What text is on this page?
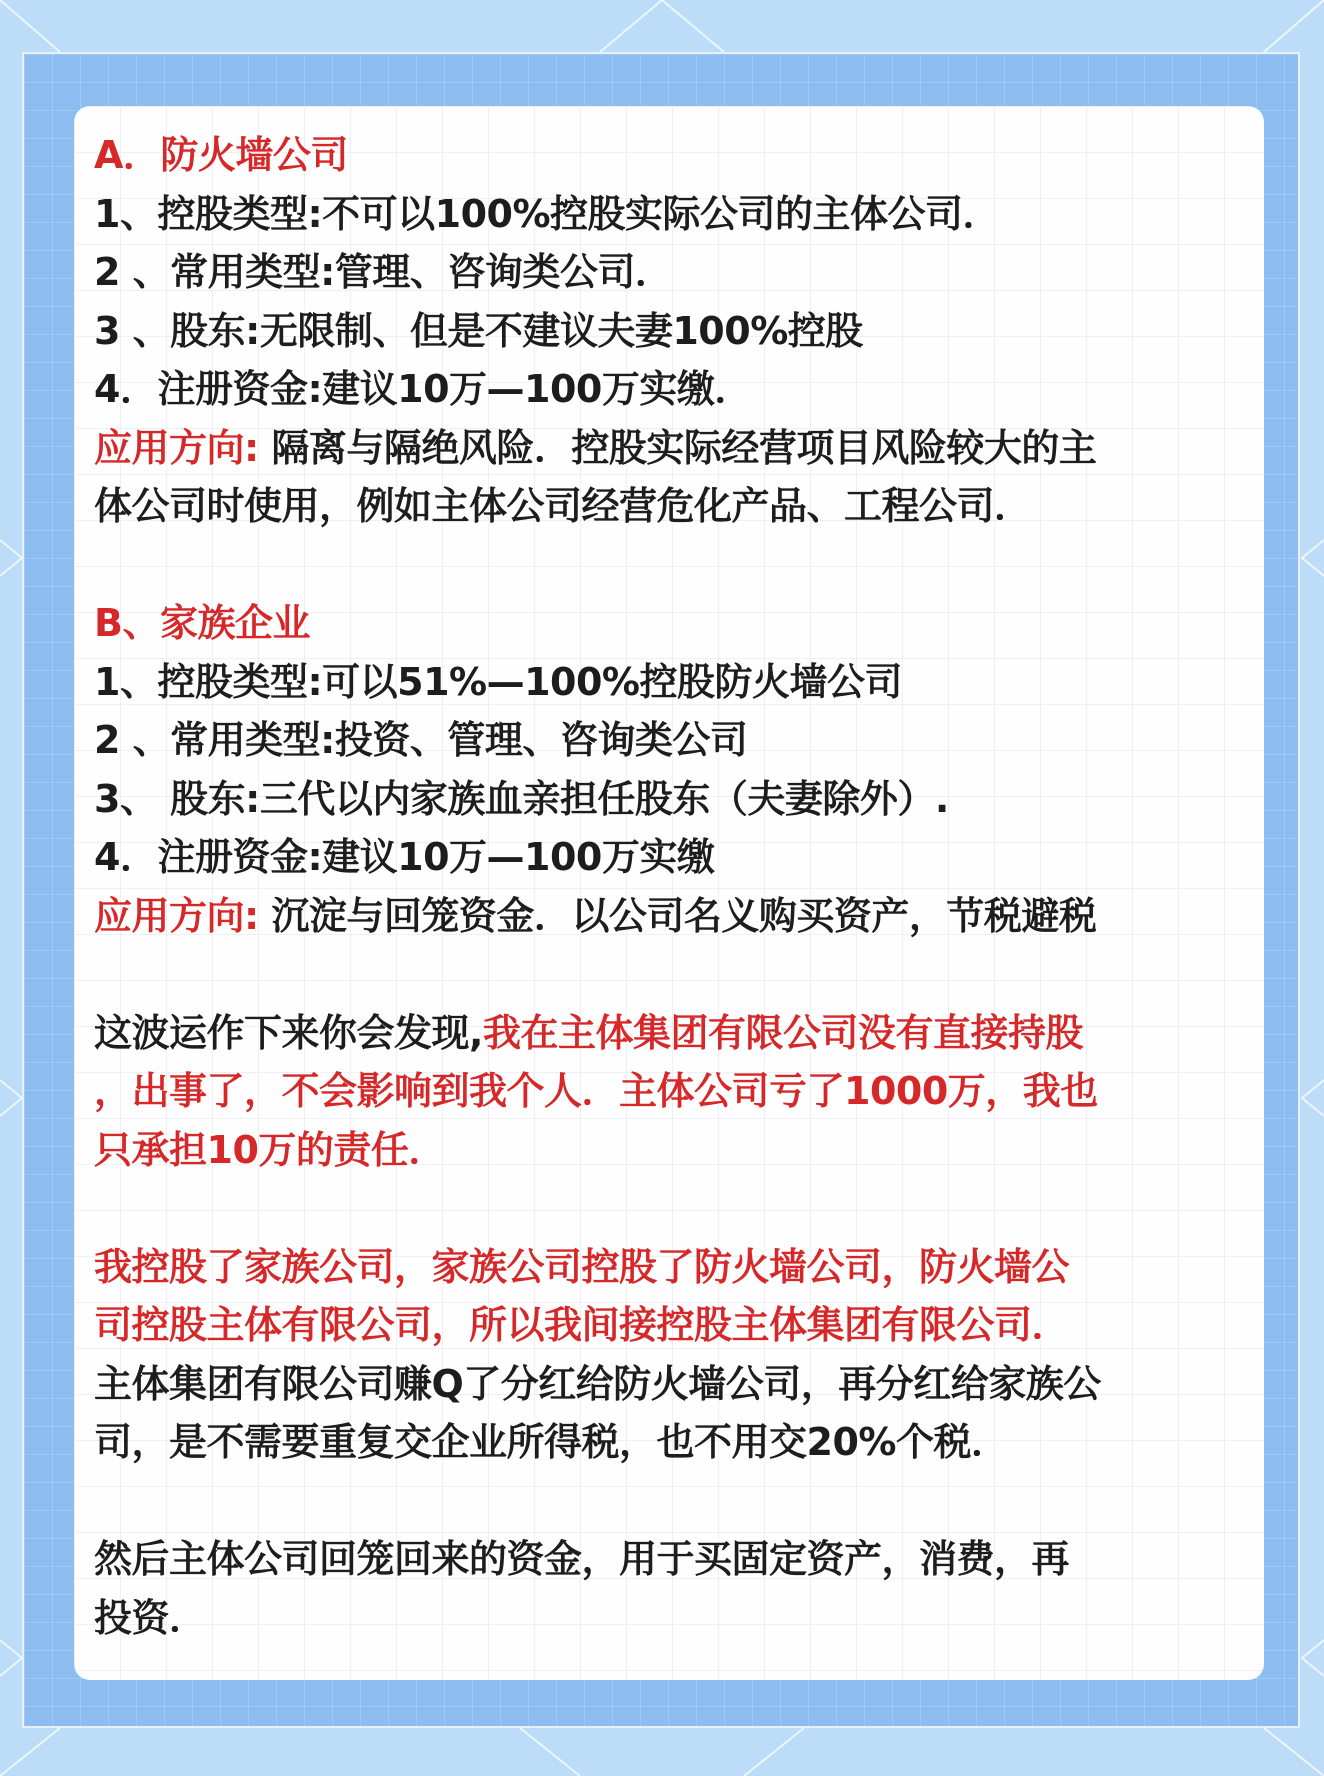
A．防火墙公司
1、控股类型:不可以100%控股实际公司的主体公司．
2 、常用类型:管理、咨询类公司．
3 、股东:无限制、但是不建议夫妻100%控股
4．注册资金:建议10万—100万实缴．
应用方向: 隔离与隔绝风险．控股实际经营项目风险较大的主
体公司时使用，例如主体公司经营危化产品、工程公司．
B、家族企业
1、控股类型:可以51%—100%控股防火墙公司
2 、常用类型:投资、管理、咨询类公司
3、 股东:三代以内家族血亲担任股东（夫妻除外）.
4．注册资金:建议10万—100万实缴
应用方向: 沉淀与回笼资金．以公司名义购买资产，节税避税
这波运作下来你会发现,我在主体集团有限公司没有直接持股
，出事了，不会影响到我个人．主体公司亏了1000万，我也
只承担10万的责任．
我控股了家族公司，家族公司控股了防火墙公司，防火墙公
司控股主体有限公司，所以我间接控股主体集团有限公司．
主体集团有限公司赚Q了分红给防火墙公司，再分红给家族公
司，是不需要重复交企业所得税，也不用交20%个税．
然后主体公司回笼回来的资金，用于买固定资产，消费，再
投资．
